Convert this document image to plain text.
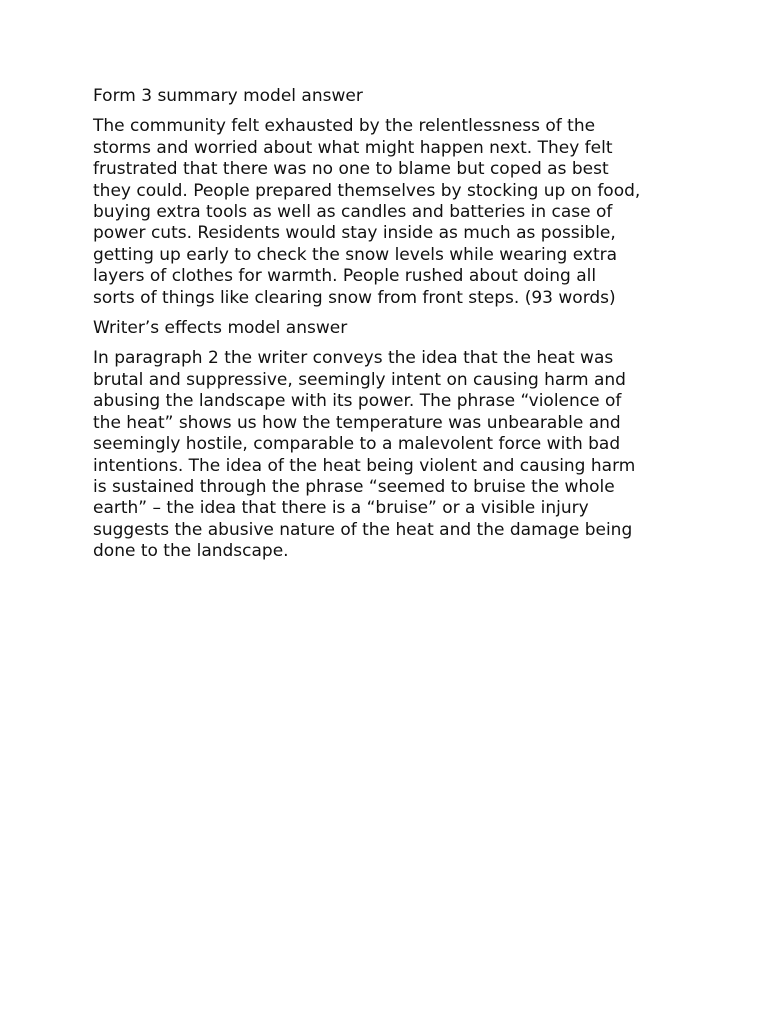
Form 3 summary model answer
The community felt exhausted by the relentlessness of the
storms and worried about what might happen next. They felt
frustrated that there was no one to blame but coped as best
they could. People prepared themselves by stocking up on food,
buying extra tools as well as candles and batteries in case of
power cuts. Residents would stay inside as much as possible,
getting up early to check the snow levels while wearing extra
layers of clothes for warmth. People rushed about doing all
sorts of things like clearing snow from front steps. (93 words)
Writer’s effects model answer
In paragraph 2 the writer conveys the idea that the heat was
brutal and suppressive, seemingly intent on causing harm and
abusing the landscape with its power. The phrase “violence of
the heat” shows us how the temperature was unbearable and
seemingly hostile, comparable to a malevolent force with bad
intentions. The idea of the heat being violent and causing harm
is sustained through the phrase “seemed to bruise the whole
earth” – the idea that there is a “bruise” or a visible injury
suggests the abusive nature of the heat and the damage being
done to the landscape.
